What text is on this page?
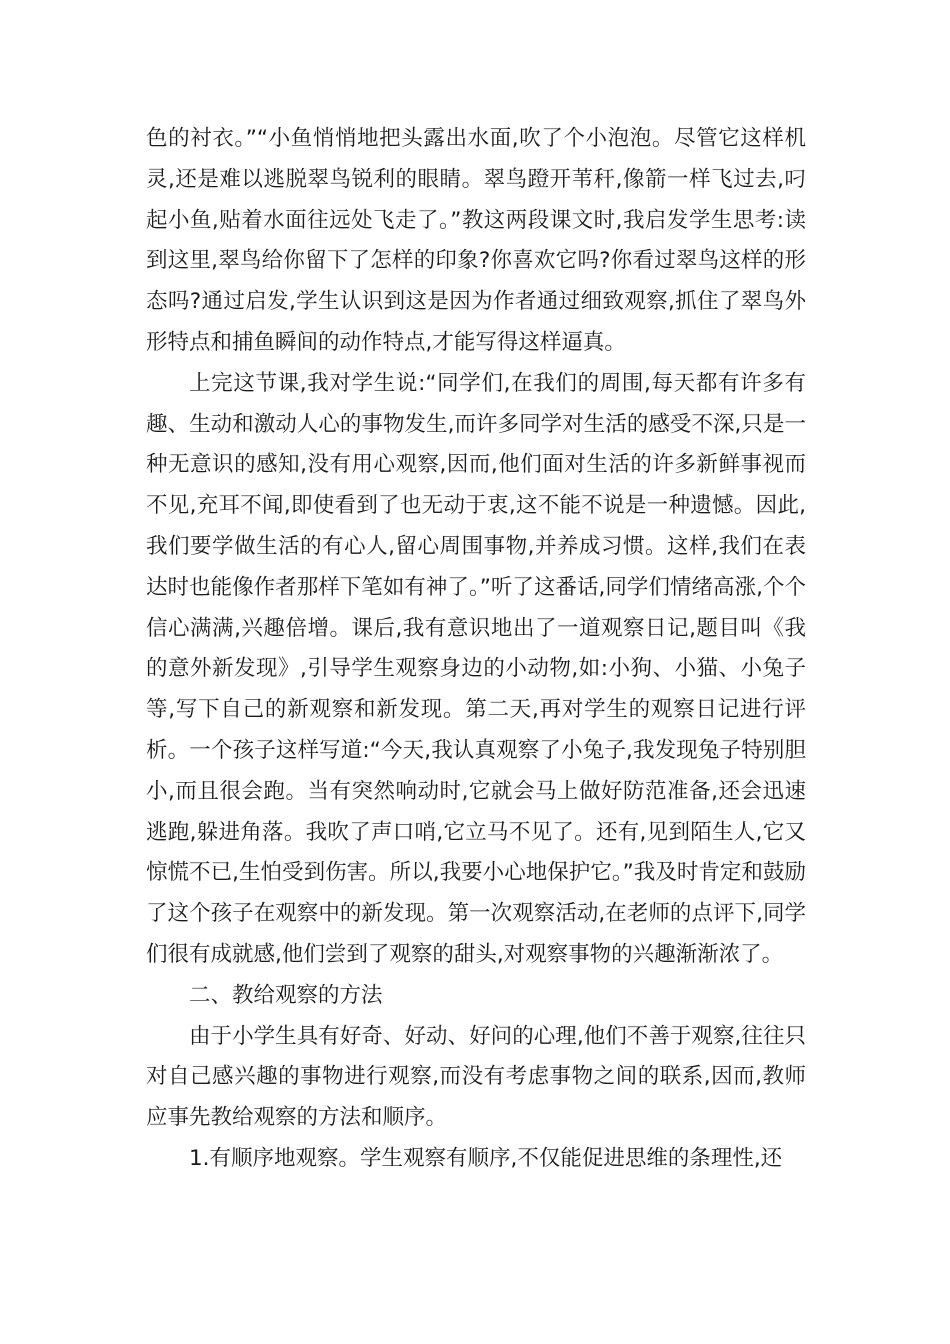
色的衬衣。”“小鱼悄悄地把头露出水面,吹了个小泡泡。尽管它这样机灵,还是难以逃脱翠鸟锐利的眼睛。翠鸟蹬开苇秆,像箭一样飞过去,叼起小鱼,贴着水面往远处飞走了。”教这两段课文时,我启发学生思考:读到这里,翠鸟给你留下了怎样的印象?你喜欢它吗?你看过翠鸟这样的形态吗?通过启发,学生认识到这是因为作者通过细致观察,抓住了翠鸟外形特点和捕鱼瞬间的动作特点,才能写得这样逼真。

上完这节课,我对学生说:“同学们,在我们的周围,每天都有许多有趣、生动和激动人心的事物发生,而许多同学对生活的感受不深,只是一种无意识的感知,没有用心观察,因而,他们面对生活的许多新鲜事视而不见,充耳不闻,即使看到了也无动于衷,这不能不说是一种遗憾。因此,我们要学做生活的有心人,留心周围事物,并养成习惯。这样,我们在表达时也能像作者那样下笔如有神了。”听了这番话,同学们情绪高涨,个个信心满满,兴趣倍增。课后,我有意识地出了一道观察日记,题目叫《我的意外新发现》,引导学生观察身边的小动物,如:小狗、小猫、小兔子等,写下自己的新观察和新发现。第二天,再对学生的观察日记进行评析。一个孩子这样写道:“今天,我认真观察了小兔子,我发现兔子特别胆小,而且很会跑。当有突然响动时,它就会马上做好防范准备,还会迅速逃跑,躲进角落。我吹了声口哨,它立马不见了。还有,见到陌生人,它又惊慌不已,生怕受到伤害。所以,我要小心地保护它。”我及时肯定和鼓励了这个孩子在观察中的新发现。第一次观察活动,在老师的点评下,同学们很有成就感,他们尝到了观察的甜头,对观察事物的兴趣渐渐浓了。

二、教给观察的方法

由于小学生具有好奇、好动、好问的心理,他们不善于观察,往往只对自己感兴趣的事物进行观察,而没有考虑事物之间的联系,因而,教师应事先教给观察的方法和顺序。

1.有顺序地观察。学生观察有顺序,不仅能促进思维的条理性,还
